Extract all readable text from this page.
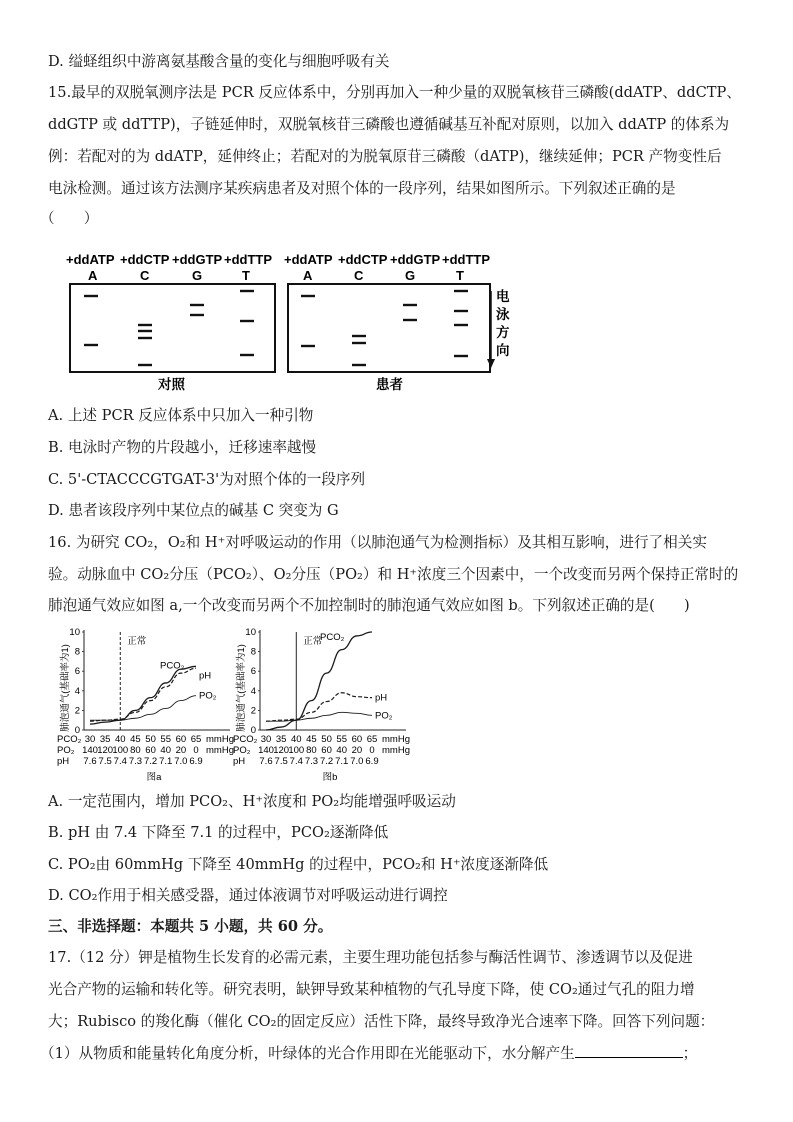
D. 缢蛏组织中游离氨基酸含量的变化与细胞呼吸有关
15.最早的双脱氧测序法是 PCR 反应体系中，分别再加入一种少量的双脱氧核苷三磷酸(ddATP、ddCTP、
ddGTP 或 ddTTP)，子链延伸时，双脱氧核苷三磷酸也遵循碱基互补配对原则，以加入 ddATP 的体系为
例：若配对的为 ddATP，延伸终止；若配对的为脱氧原苷三磷酸（dATP)，继续延伸；PCR 产物变性后
电泳检测。通过该方法测序某疾病患者及对照个体的一段序列，结果如图所示。下列叙述正确的是
（　　）
+ddATP +ddCTP +ddGTP +ddTTP
A	C	G	T
+ddATP +ddCTP +ddGTP +ddTTP
A	C	G	T
电
泳
方
向
对照	患者
A. 上述 PCR 反应体系中只加入一种引物
B. 电泳时产物的片段越小，迁移速率越慢
C. 5'-CTACCCGTGAT-3'为对照个体的一段序列
D. 患者该段序列中某位点的碱基 C 突变为 G
16. 为研究 CO₂，O₂和 H⁺对呼吸运动的作用（以肺泡通气为检测指标）及其相互影响，进行了相关实
验。动脉血中 CO₂分压（PCO₂）、O₂分压（PO₂）和 H⁺浓度三个因素中，一个改变而另两个保持正常时的
肺泡通气效应如图 a,一个改变而另两个不加控制时的肺泡通气效应如图 b。下列叙述正确的是(　　)
肺泡通气(基础率为1) 0
2
4
6
8
10
正常
PCO₂
pH
PO₂
PCO₂ 30 35 40 45 50 55 60 65 mmHg
PO₂ 140 120 100 80 60 40 20 0 mmHg
pH 7.6 7.5 7.4 7.3 7.2 7.1 7.0 6.9
图a
肺泡通气(基础率为1) 0
2
4
6
8
10
正常
PCO₂
pH
PO₂
PCO₂ 30 35 40 45 50 55 60 65 mmHg
PO₂ 140 120 100 80 60 40 20 0 mmHg
pH 7.6 7.5 7.4 7.3 7.2 7.1 7.0 6.9
图b
A. 一定范围内，增加 PCO₂、H⁺浓度和 PO₂均能增强呼吸运动
B. pH 由 7.4 下降至 7.1 的过程中，PCO₂逐渐降低
C. PO₂由 60mmHg 下降至 40mmHg 的过程中，PCO₂和 H⁺浓度逐渐降低
D. CO₂作用于相关感受器，通过体液调节对呼吸运动进行调控
三、非选择题：本题共 5 小题，共 60 分。
17.（12 分）钾是植物生长发育的必需元素，主要生理功能包括参与酶活性调节、渗透调节以及促进
光合产物的运输和转化等。研究表明，缺钾导致某种植物的气孔导度下降，使 CO₂通过气孔的阻力增
大；Rubisco 的羧化酶（催化 CO₂的固定反应）活性下降，最终导致净光合速率下降。回答下列问题：
（1）从物质和能量转化角度分析，叶绿体的光合作用即在光能驱动下，水分解产生	；
